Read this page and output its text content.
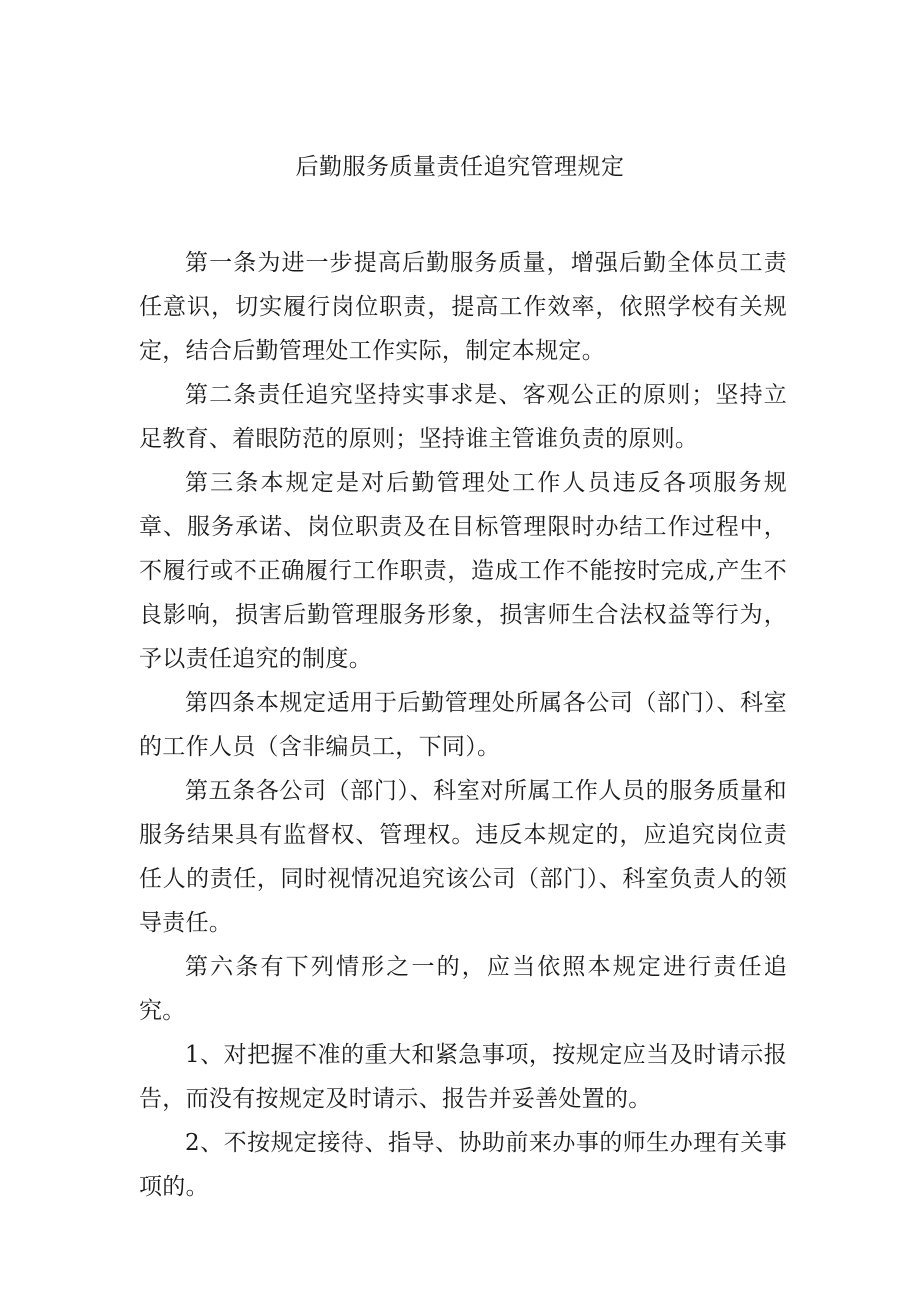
后勤服务质量责任追究管理规定

第一条为进一步提高后勤服务质量，增强后勤全体员工责任意识，切实履行岗位职责，提高工作效率，依照学校有关规定，结合后勤管理处工作实际，制定本规定。

第二条责任追究坚持实事求是、客观公正的原则；坚持立足教育、着眼防范的原则；坚持谁主管谁负责的原则。

第三条本规定是对后勤管理处工作人员违反各项服务规章、服务承诺、岗位职责及在目标管理限时办结工作过程中，不履行或不正确履行工作职责，造成工作不能按时完成,产生不良影响，损害后勤管理服务形象，损害师生合法权益等行为，予以责任追究的制度。

第四条本规定适用于后勤管理处所属各公司（部门）、科室的工作人员（含非编员工，下同）。

第五条各公司（部门）、科室对所属工作人员的服务质量和服务结果具有监督权、管理权。违反本规定的，应追究岗位责任人的责任，同时视情况追究该公司（部门）、科室负责人的领导责任。

第六条有下列情形之一的，应当依照本规定进行责任追究。

1、对把握不准的重大和紧急事项，按规定应当及时请示报告，而没有按规定及时请示、报告并妥善处置的。

2、不按规定接待、指导、协助前来办事的师生办理有关事项的。
